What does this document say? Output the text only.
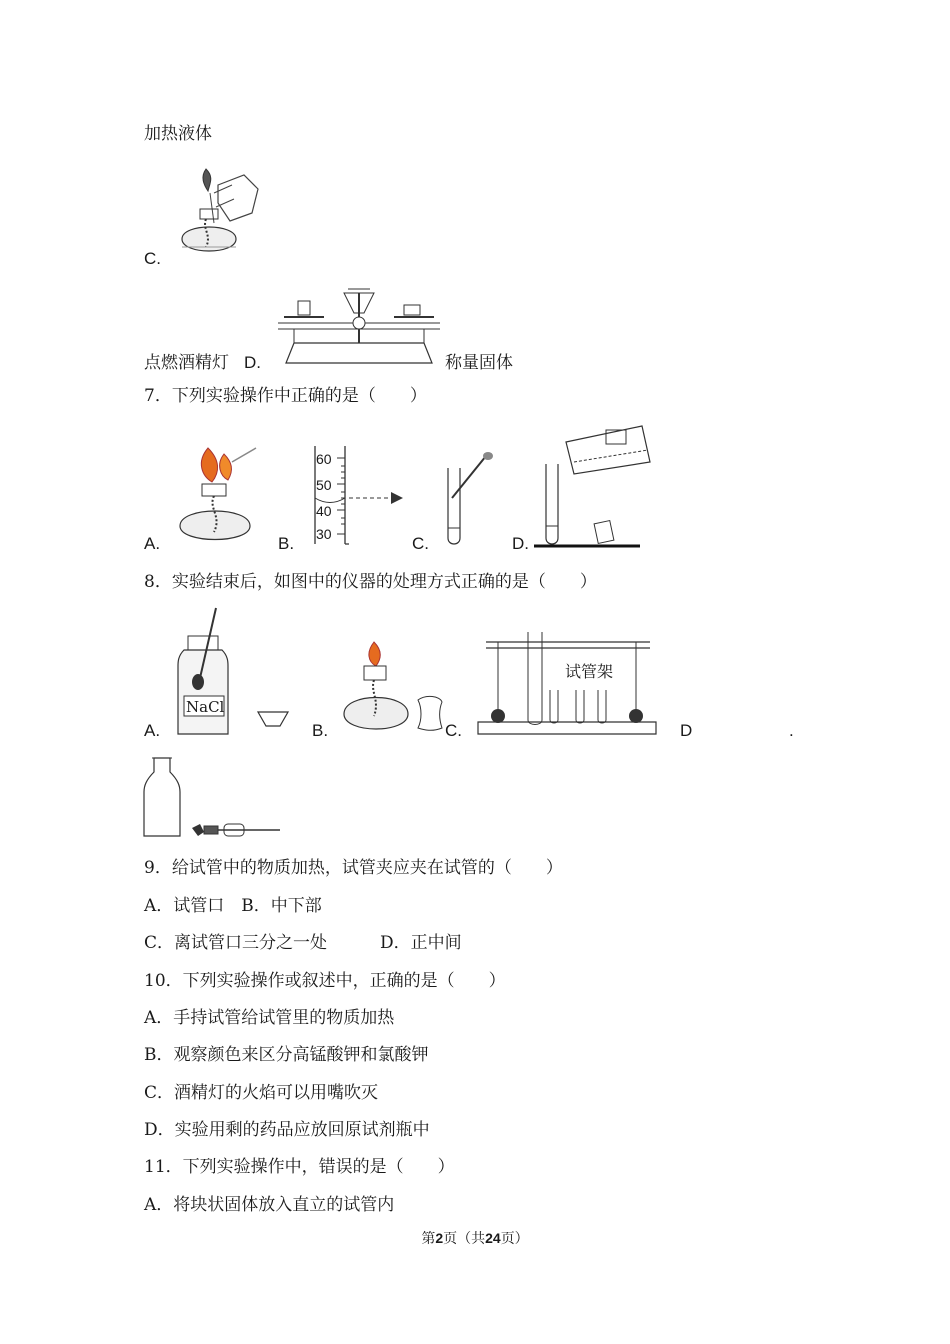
加热液体
C.
点燃酒精灯 D.	称量固体
7．下列实验操作中正确的是（　　）
A.
60
50
40
30
B.	C.	D.
8．实验结束后，如图中的仪器的处理方式正确的是（　　）
NaCl
A.	B.
试管架
C.	D	.
9．给试管中的物质加热，试管夹应夹在试管的（　　）
A．试管口　B．中下部
C．离试管口三分之一处	D．正中间
10．下列实验操作或叙述中，正确的是（　　）
A．手持试管给试管里的物质加热
B．观察颜色来区分高锰酸钾和氯酸钾
C．酒精灯的火焰可以用嘴吹灭
D．实验用剩的药品应放回原试剂瓶中
11．下列实验操作中，错误的是（　　）
A．将块状固体放入直立的试管内
第2页（共24页）
